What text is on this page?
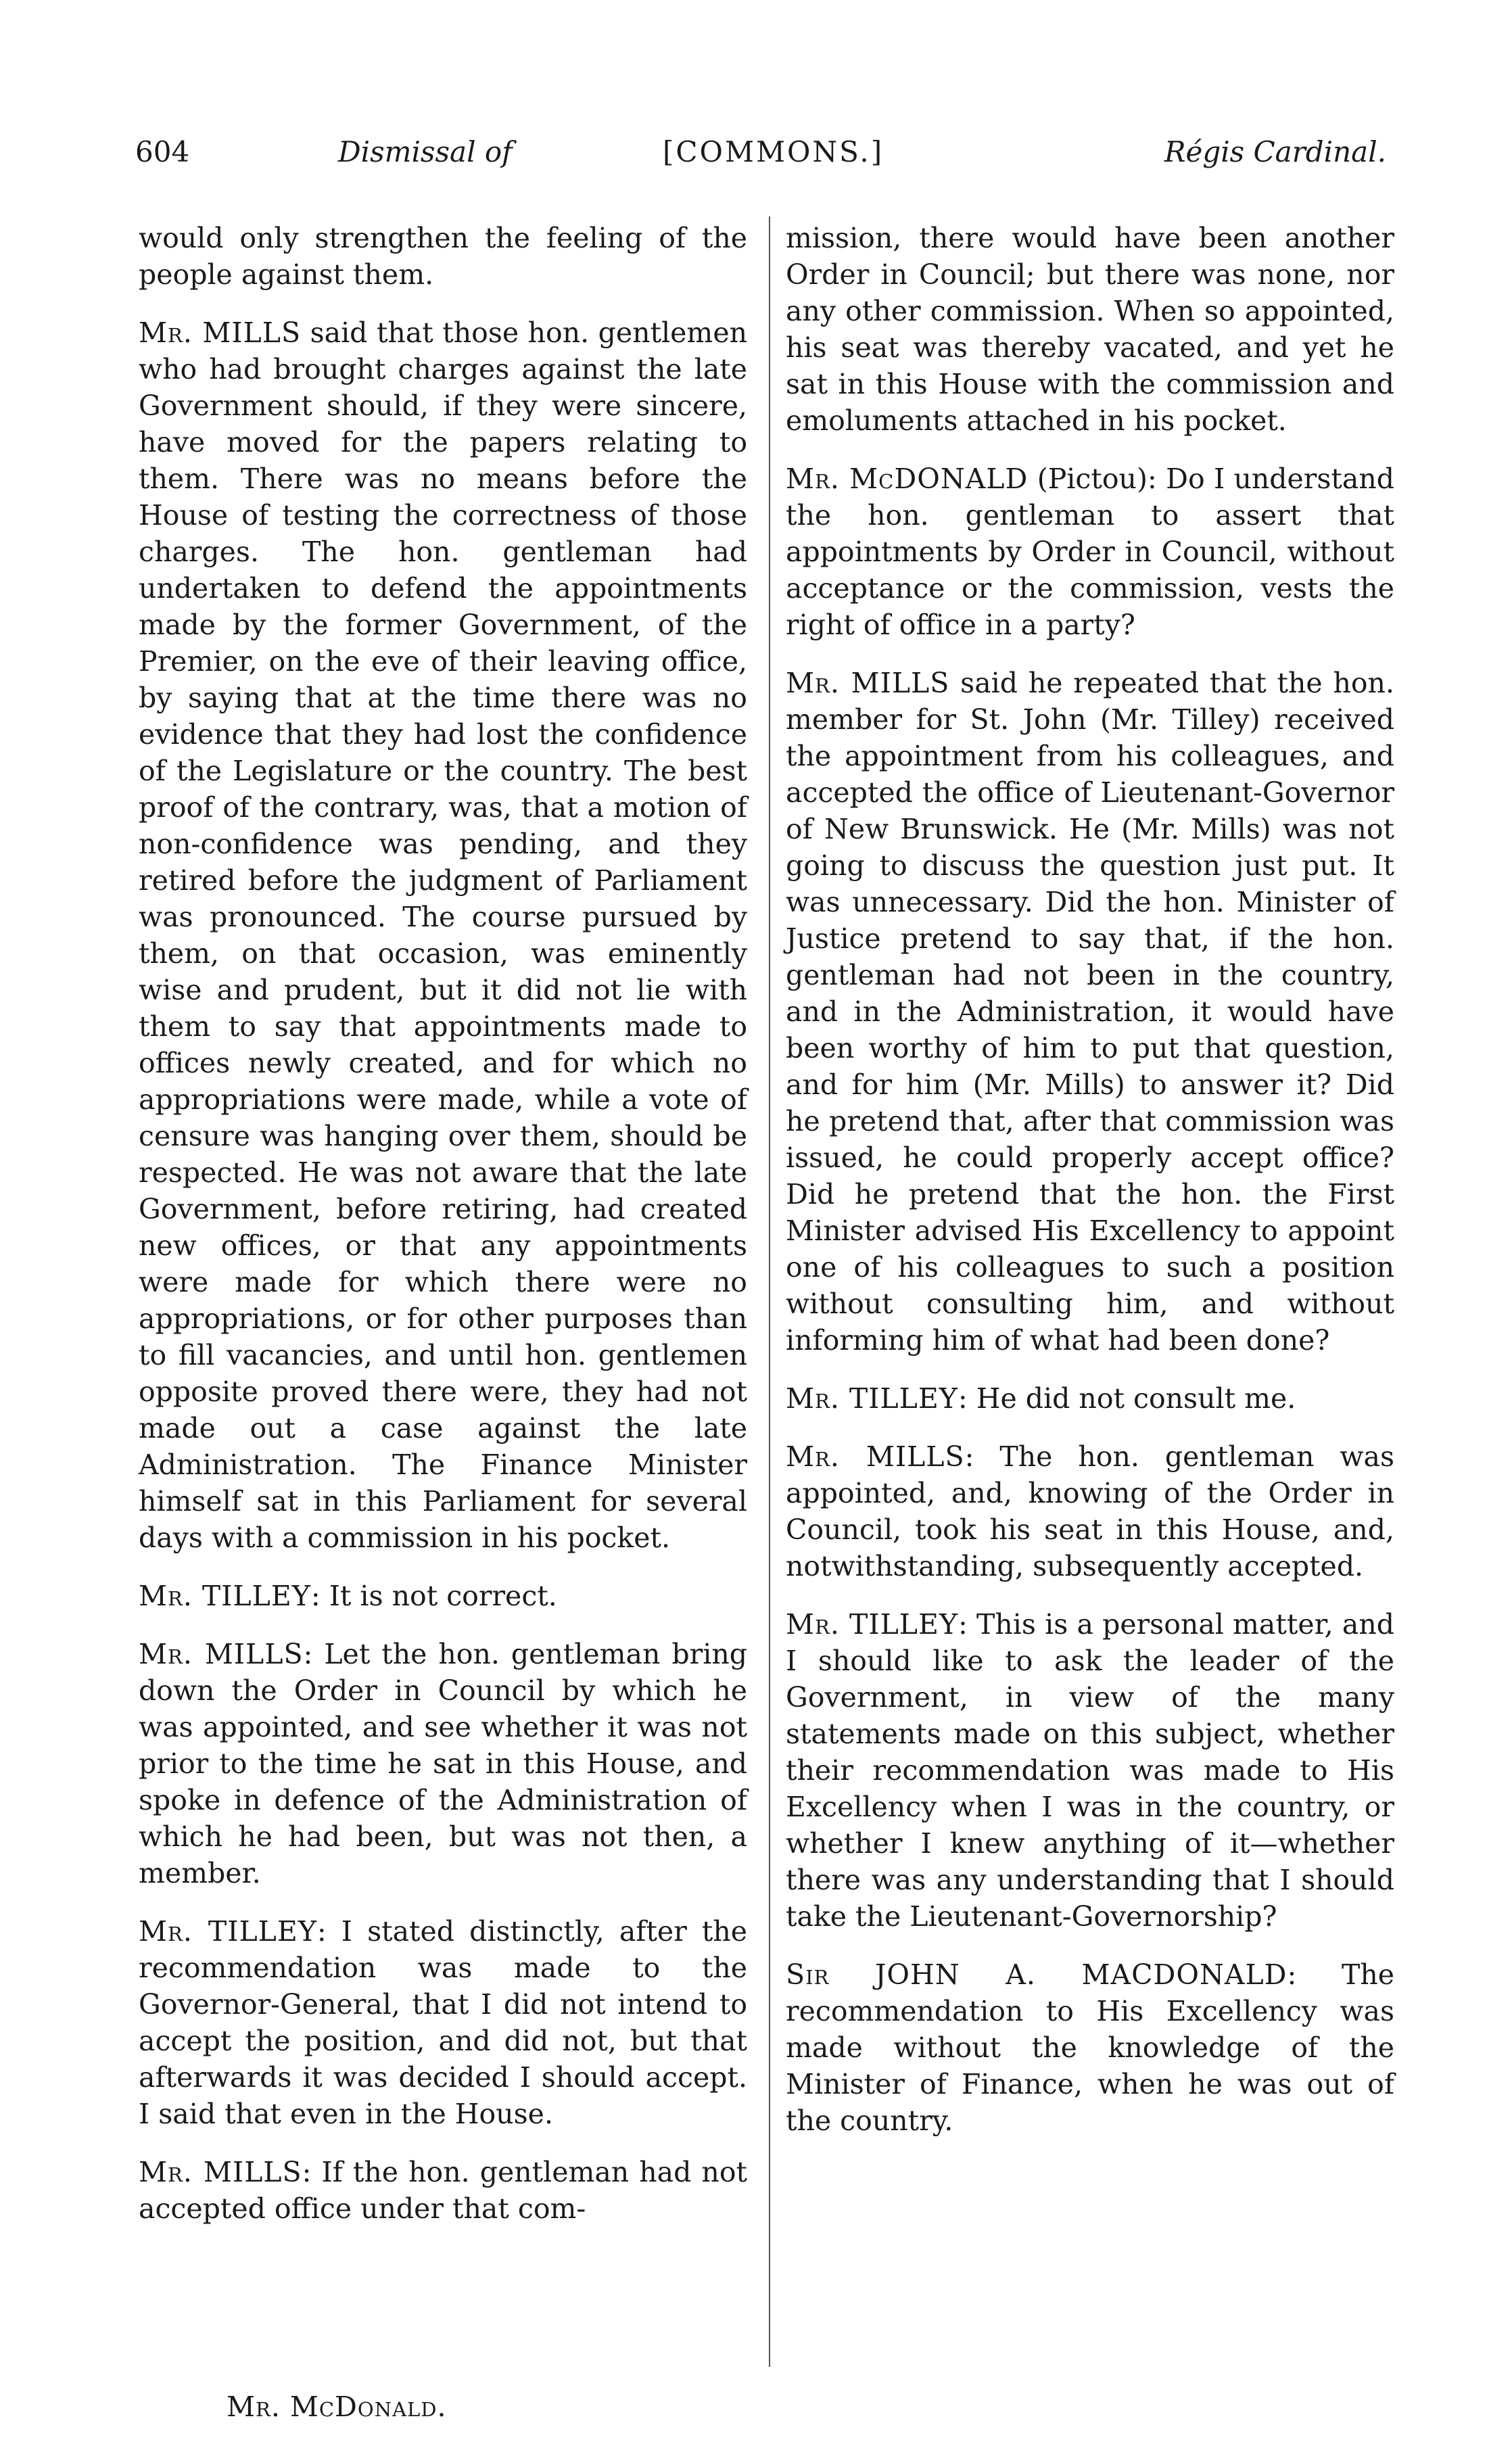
604	Dismissal of	[COMMONS.]	Régis Cardinal.

would only strengthen the feeling of the people against them.

Mr. MILLS said that those hon. gentlemen who had brought charges against the late Government should, if they were sincere, have moved for the papers relating to them. There was no means before the House of testing the correctness of those charges. The hon. gentleman had undertaken to defend the appointments made by the former Government, of the Premier, on the eve of their leaving office, by saying that at the time there was no evidence that they had lost the confidence of the Legislature or the country. The best proof of the contrary, was, that a motion of non-confidence was pending, and they retired before the judgment of Parliament was pronounced. The course pursued by them, on that occasion, was eminently wise and prudent, but it did not lie with them to say that appointments made to offices newly created, and for which no appropriations were made, while a vote of censure was hanging over them, should be respected. He was not aware that the late Government, before retiring, had created new offices, or that any appointments were made for which there were no appropriations, or for other purposes than to fill vacancies, and until hon. gentlemen opposite proved there were, they had not made out a case against the late Administration. The Finance Minister himself sat in this Parliament for several days with a commission in his pocket.

Mr. TILLEY: It is not correct.

Mr. MILLS: Let the hon. gentleman bring down the Order in Council by which he was appointed, and see whether it was not prior to the time he sat in this House, and spoke in defence of the Administration of which he had been, but was not then, a member.

Mr. TILLEY: I stated distinctly, after the recommendation was made to the Governor-General, that I did not intend to accept the position, and did not, but that afterwards it was decided I should accept. I said that even in the House.

Mr. MILLS: If the hon. gentleman had not accepted office under that com-

mission, there would have been another Order in Council; but there was none, nor any other commission. When so appointed, his seat was thereby vacated, and yet he sat in this House with the commission and emoluments attached in his pocket.

Mr. McDONALD (Pictou): Do I understand the hon. gentleman to assert that appointments by Order in Council, without acceptance or the commission, vests the right of office in a party?

Mr. MILLS said he repeated that the hon. member for St. John (Mr. Tilley) received the appointment from his colleagues, and accepted the office of Lieutenant-Governor of New Brunswick. He (Mr. Mills) was not going to discuss the question just put. It was unnecessary. Did the hon. Minister of Justice pretend to say that, if the hon. gentleman had not been in the country, and in the Administration, it would have been worthy of him to put that question, and for him (Mr. Mills) to answer it? Did he pretend that, after that commission was issued, he could properly accept office? Did he pretend that the hon. the First Minister advised His Excellency to appoint one of his colleagues to such a position without consulting him, and without informing him of what had been done?

Mr. TILLEY: He did not consult me.

Mr. MILLS: The hon. gentleman was appointed, and, knowing of the Order in Council, took his seat in this House, and, notwithstanding, subsequently accepted.

Mr. TILLEY: This is a personal matter, and I should like to ask the leader of the Government, in view of the many statements made on this subject, whether their recommendation was made to His Excellency when I was in the country, or whether I knew anything of it—whether there was any understanding that I should take the Lieutenant-Governorship?

Sir JOHN A. MACDONALD: The recommendation to His Excellency was made without the knowledge of the Minister of Finance, when he was out of the country.

Mr. McDonald.
